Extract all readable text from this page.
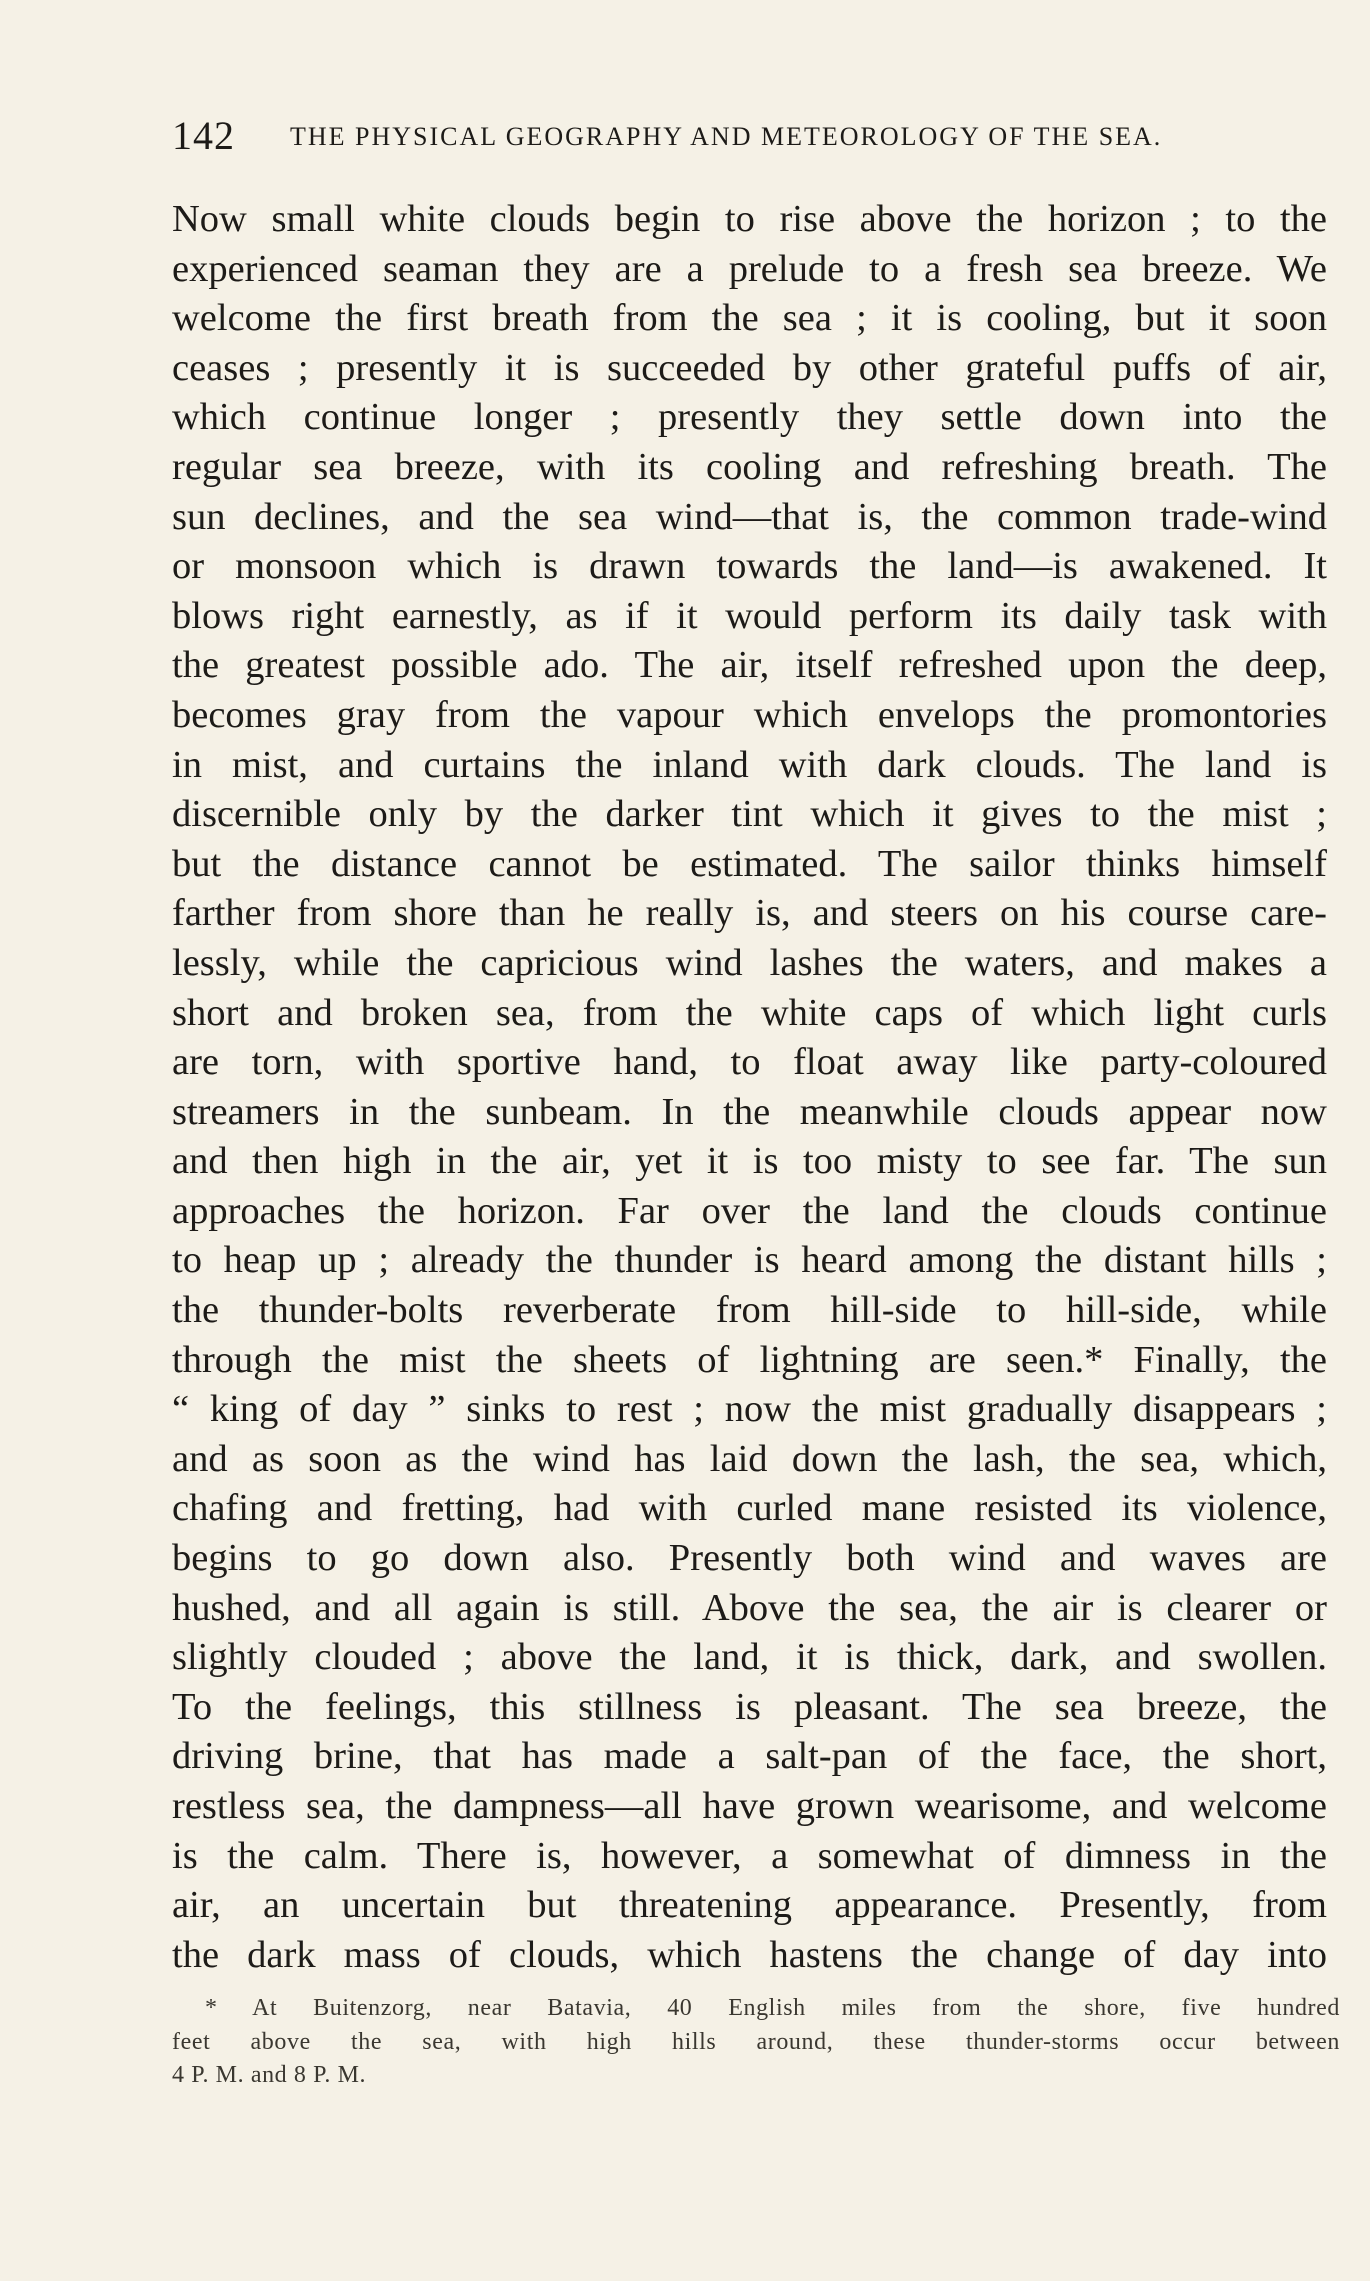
142 THE PHYSICAL GEOGRAPHY AND METEOROLOGY OF THE SEA.
Now small white clouds begin to rise above the horizon ; to the
experienced seaman they are a prelude to a fresh sea breeze. We
welcome the first breath from the sea ; it is cooling, but it soon
ceases ; presently it is succeeded by other grateful puffs of air,
which continue longer ; presently they settle down into the
regular sea breeze, with its cooling and refreshing breath. The
sun declines, and the sea wind—that is, the common trade-wind
or monsoon which is drawn towards the land—is awakened. It
blows right earnestly, as if it would perform its daily task with
the greatest possible ado. The air, itself refreshed upon the deep,
becomes gray from the vapour which envelops the promontories
in mist, and curtains the inland with dark clouds. The land is
discernible only by the darker tint which it gives to the mist ;
but the distance cannot be estimated. The sailor thinks himself
farther from shore than he really is, and steers on his course care-
lessly, while the capricious wind lashes the waters, and makes a
short and broken sea, from the white caps of which light curls
are torn, with sportive hand, to float away like party-coloured
streamers in the sunbeam. In the meanwhile clouds appear now
and then high in the air, yet it is too misty to see far. The sun
approaches the horizon. Far over the land the clouds continue
to heap up ; already the thunder is heard among the distant hills ;
the thunder-bolts reverberate from hill-side to hill-side, while
through the mist the sheets of lightning are seen.* Finally, the
“ king of day ” sinks to rest ; now the mist gradually disappears ;
and as soon as the wind has laid down the lash, the sea, which,
chafing and fretting, had with curled mane resisted its violence,
begins to go down also. Presently both wind and waves are
hushed, and all again is still. Above the sea, the air is clearer or
slightly clouded ; above the land, it is thick, dark, and swollen.
To the feelings, this stillness is pleasant. The sea breeze, the
driving brine, that has made a salt-pan of the face, the short,
restless sea, the dampness—all have grown wearisome, and welcome
is the calm. There is, however, a somewhat of dimness in the
air, an uncertain but threatening appearance. Presently, from
the dark mass of clouds, which hastens the change of day into
* At Buitenzorg, near Batavia, 40 English miles from the shore, five hundred
feet above the sea, with high hills around, these thunder-storms occur between
4 P. M. and 8 P. M.
